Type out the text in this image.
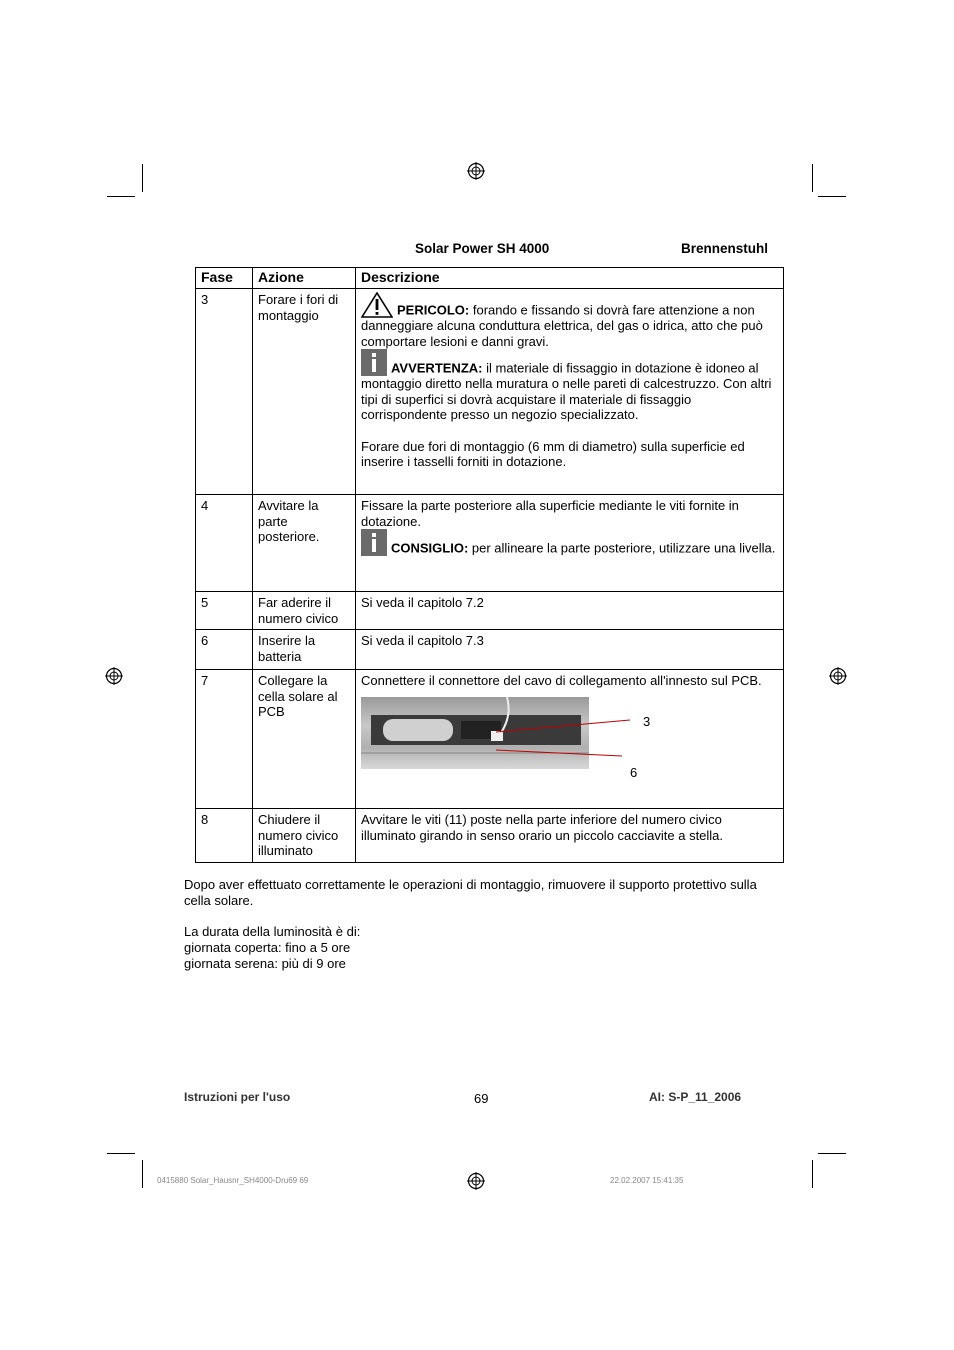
Solar Power SH 4000	Brennenstuhl
Fase	Azione	Descrizione
3	Forare i fori di montaggio	PERICOLO: forando e fissando si dovrà fare attenzione a non danneggiare alcuna conduttura elettrica, del gas o idrica, atto che può comportare lesioni e danni gravi.

AVVERTENZA: il materiale di fissaggio in dotazione è idoneo al montaggio diretto nella muratura o nelle pareti di calcestruzzo. Con altri tipi di superfici si dovrà acquistare il materiale di fissaggio corrispondente presso un negozio specializzato.

Forare due fori di montaggio (6 mm di diametro) sulla superficie ed inserire i tasselli forniti in dotazione.

4	Avvitare la parte posteriore.	Fissare la parte posteriore alla superficie mediante le viti fornite in dotazione.

CONSIGLIO: per allineare la parte posteriore, utilizzare una livella.

5	Far aderire il numero civico	Si veda il capitolo 7.2
6	Inserire la batteria	Si veda il capitolo 7.3
7	Collegare la cella solare al PCB	Connettere il connettore del cavo di collegamento all'innesto sul PCB.

3
6

8	Chiudere il numero civico illuminato	Avvitare le viti (11) poste nella parte inferiore del numero civico illuminato girando in senso orario un piccolo cacciavite a stella.
Dopo aver effettuato correttamente le operazioni di montaggio, rimuovere il supporto protettivo sulla cella solare.
La durata della luminosità è di:
giornata coperta: fino a 5 ore
giornata serena: più di 9 ore
Istruzioni per l'uso	69	AI: S-P_11_2006
0415880 Solar_Hausnr_SH4000-Dru69 69	22.02.2007 15:41:35
